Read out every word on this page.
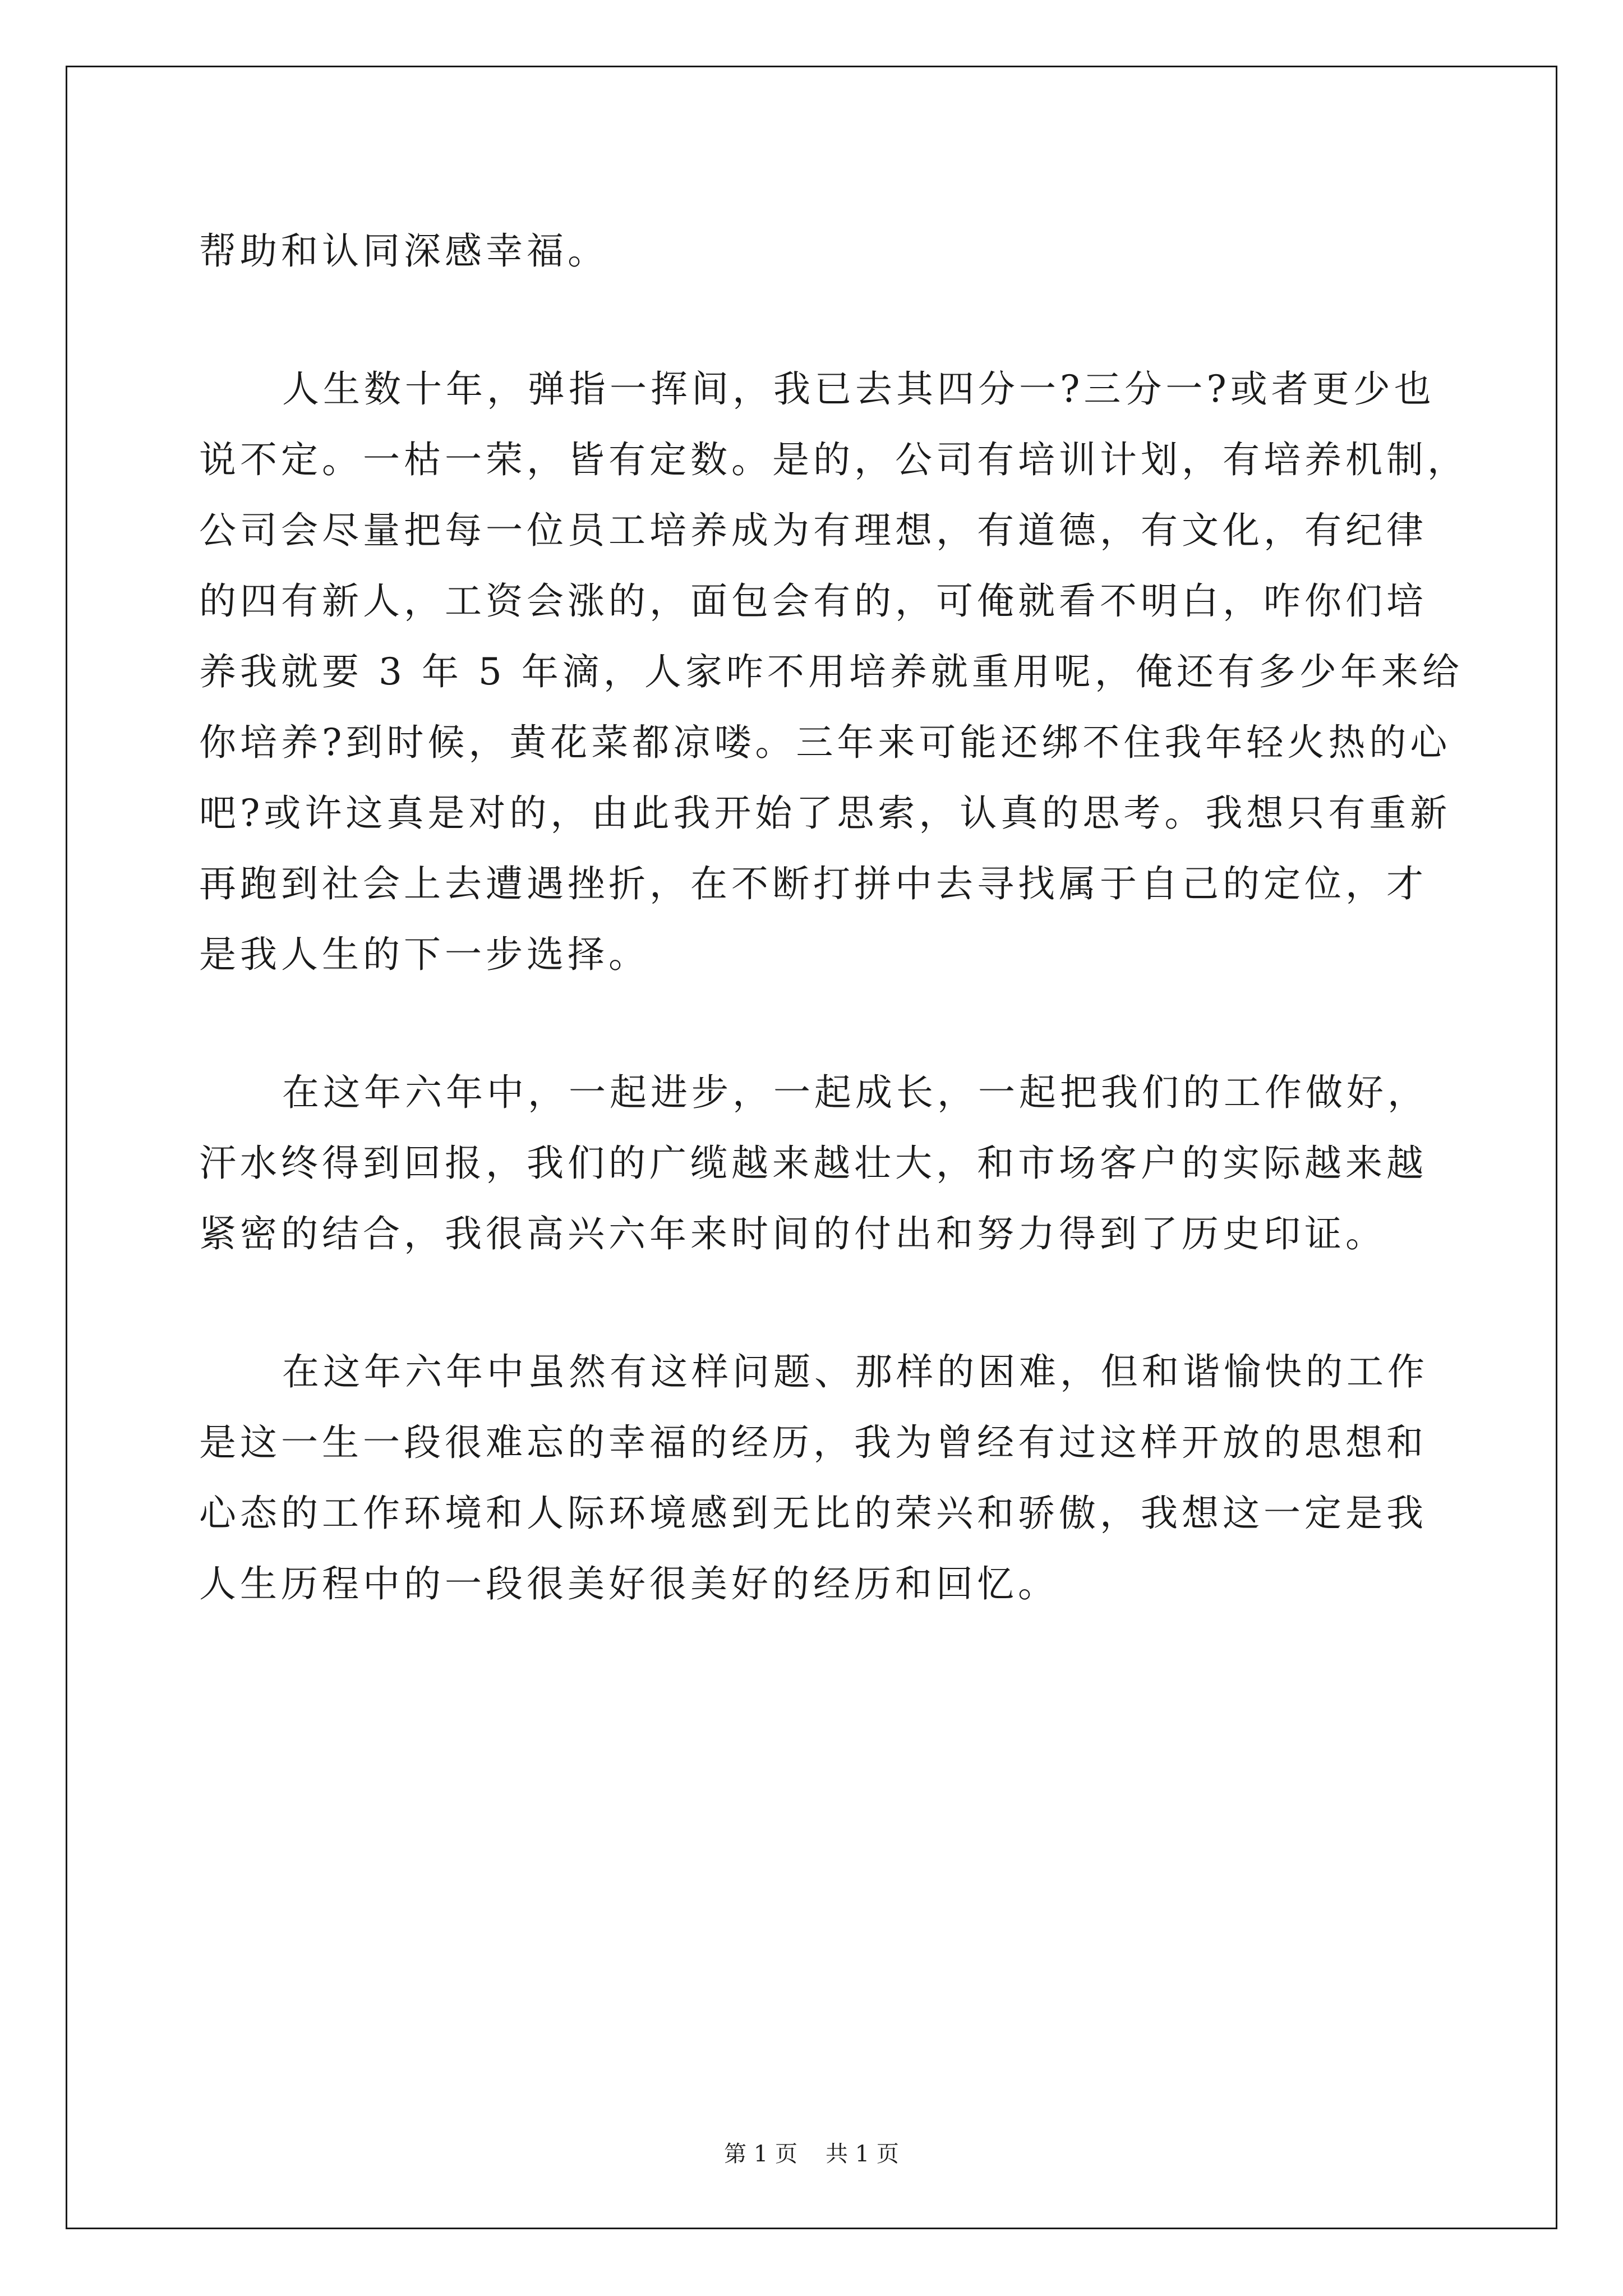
帮助和认同深感幸福。
人生数十年，弹指一挥间，我已去其四分一?三分一?或者更少也
说不定。一枯一荣，皆有定数。是的，公司有培训计划，有培养机制，
公司会尽量把每一位员工培养成为有理想，有道德，有文化，有纪律
的四有新人，工资会涨的，面包会有的，可俺就看不明白，咋你们培
养我就要 3 年 5 年滴，人家咋不用培养就重用呢，俺还有多少年来给
你培养?到时候，黄花菜都凉喽。三年来可能还绑不住我年轻火热的心
吧?或许这真是对的，由此我开始了思索，认真的思考。我想只有重新
再跑到社会上去遭遇挫折，在不断打拼中去寻找属于自己的定位，才
是我人生的下一步选择。
在这年六年中，一起进步，一起成长，一起把我们的工作做好，
汗水终得到回报，我们的广缆越来越壮大，和市场客户的实际越来越
紧密的结合，我很高兴六年来时间的付出和努力得到了历史印证。
在这年六年中虽然有这样问题、那样的困难，但和谐愉快的工作
是这一生一段很难忘的幸福的经历，我为曾经有过这样开放的思想和
心态的工作环境和人际环境感到无比的荣兴和骄傲，我想这一定是我
人生历程中的一段很美好很美好的经历和回忆。
第 1 页 共 1 页
